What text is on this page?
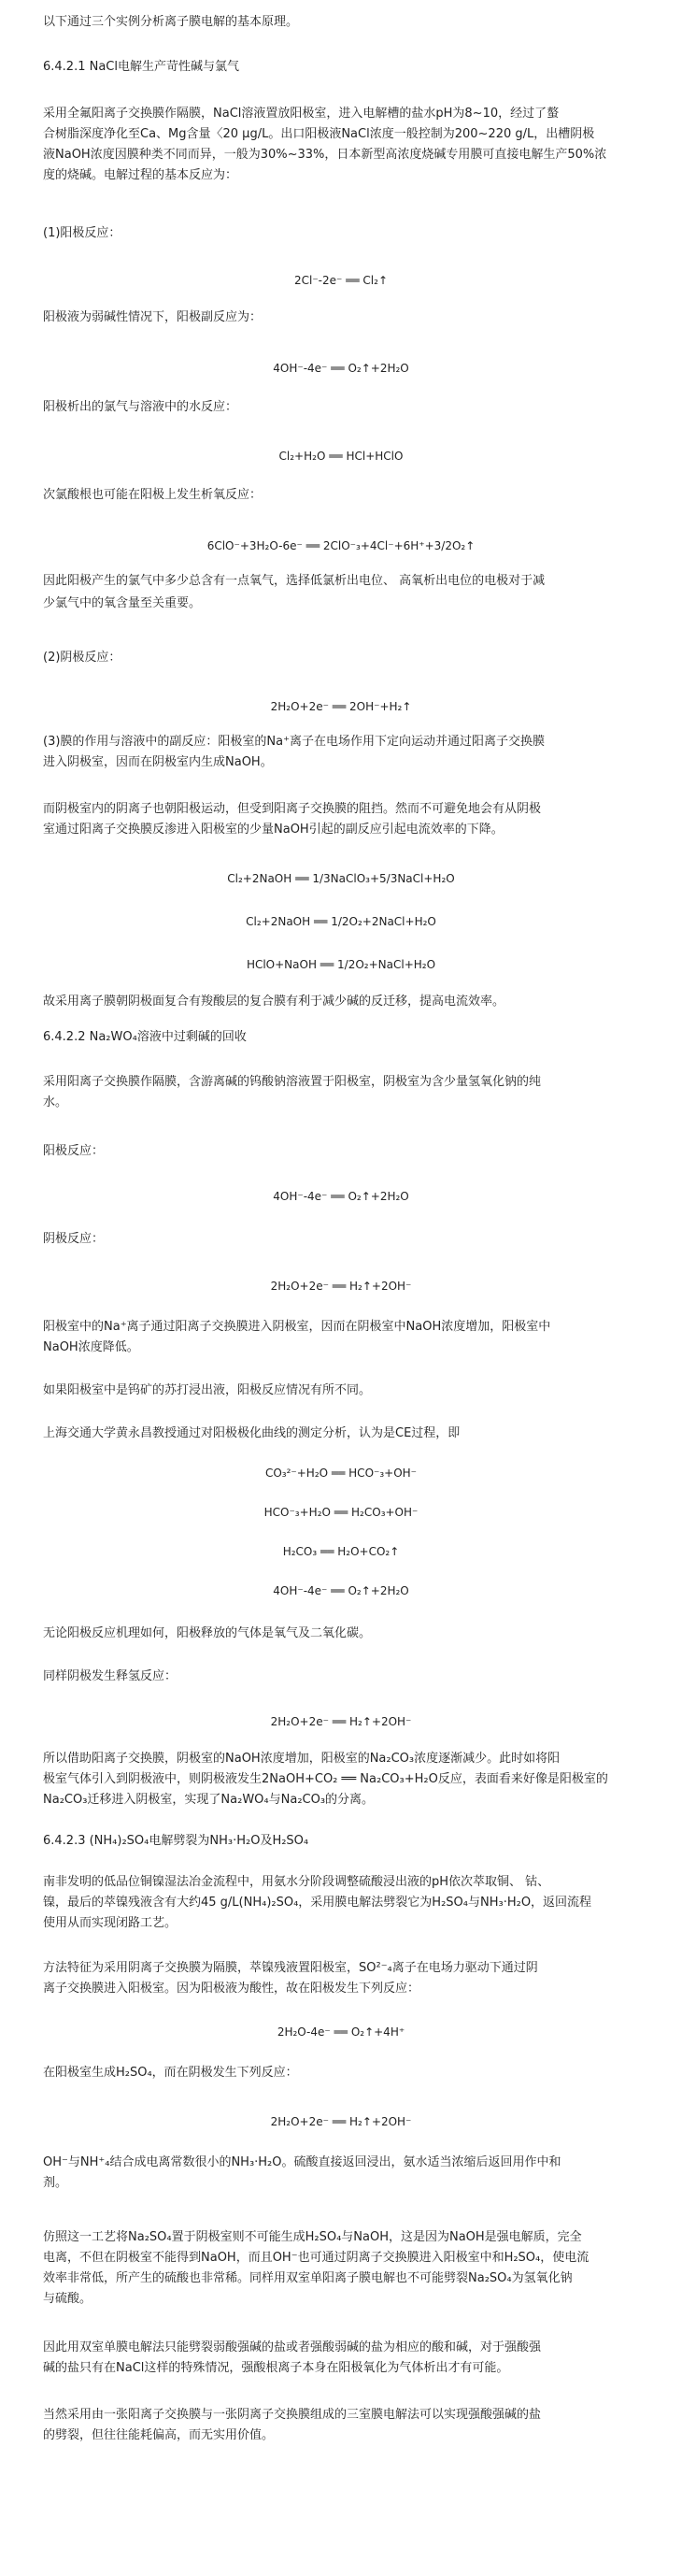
以下通过三个实例分析离子膜电解的基本原理。
6.4.2.1 NaCl电解生产苛性碱与氯气
采用全氟阳离子交换膜作隔膜，NaCl溶液置放阳极室，进入电解槽的盐水pH为8~10，经过了螯
合树脂深度净化至Ca、Mg含量〈20 μg/L。出口阳极液NaCl浓度一般控制为200~220 g/L，出槽阴极
液NaOH浓度因膜种类不同而异，一般为30%~33%，日本新型高浓度烧碱专用膜可直接电解生产50%浓
度的烧碱。电解过程的基本反应为：
(1)阳极反应：
2Cl⁻-2e⁻ ══ Cl₂↑
阳极液为弱碱性情况下，阳极副反应为：
4OH⁻-4e⁻ ══ O₂↑+2H₂O
阳极析出的氯气与溶液中的水反应：
Cl₂+H₂O ══ HCl+HClO
次氯酸根也可能在阳极上发生析氧反应：
6ClO⁻+3H₂O-6e⁻ ══ 2ClO⁻₃+4Cl⁻+6H⁺+3/2O₂↑
因此阳极产生的氯气中多少总含有一点氧气，选择低氯析出电位、 高氧析出电位的电极对于减
少氯气中的氧含量至关重要。
(2)阴极反应：
2H₂O+2e⁻ ══ 2OH⁻+H₂↑
(3)膜的作用与溶液中的副反应：阳极室的Na⁺离子在电场作用下定向运动并通过阳离子交换膜
进入阴极室，因而在阴极室内生成NaOH。
而阴极室内的阴离子也朝阳极运动，但受到阳离子交换膜的阻挡。然而不可避免地会有从阴极
室通过阳离子交换膜反渗进入阳极室的少量NaOH引起的副反应引起电流效率的下降。
Cl₂+2NaOH ══ 1/3NaClO₃+5/3NaCl+H₂O
Cl₂+2NaOH ══ 1/2O₂+2NaCl+H₂O
HClO+NaOH ══ 1/2O₂+NaCl+H₂O
故采用离子膜朝阴极面复合有羧酸层的复合膜有利于减少碱的反迁移，提高电流效率。
6.4.2.2 Na₂WO₄溶液中过剩碱的回收
采用阳离子交换膜作隔膜，含游离碱的钨酸钠溶液置于阳极室，阴极室为含少量氢氧化钠的纯
水。
阳极反应：
4OH⁻-4e⁻ ══ O₂↑+2H₂O
阴极反应：
2H₂O+2e⁻ ══ H₂↑+2OH⁻
阳极室中的Na⁺离子通过阳离子交换膜进入阴极室，因而在阴极室中NaOH浓度增加，阳极室中
NaOH浓度降低。
如果阳极室中是钨矿的苏打浸出液，阳极反应情况有所不同。
上海交通大学黄永昌教授通过对阳极极化曲线的测定分析，认为是CE过程，即
CO₃²⁻+H₂O ══ HCO⁻₃+OH⁻
HCO⁻₃+H₂O ══ H₂CO₃+OH⁻
H₂CO₃ ══ H₂O+CO₂↑
4OH⁻-4e⁻ ══ O₂↑+2H₂O
无论阳极反应机理如何，阳极释放的气体是氧气及二氧化碳。
同样阴极发生释氢反应：
2H₂O+2e⁻ ══ H₂↑+2OH⁻
所以借助阳离子交换膜，阴极室的NaOH浓度增加，阳极室的Na₂CO₃浓度逐渐减少。此时如将阳
极室气体引入到阴极液中，则阴极液发生2NaOH+CO₂ ══ Na₂CO₃+H₂O反应，表面看来好像是阳极室的
Na₂CO₃迁移进入阴极室，实现了Na₂WO₄与Na₂CO₃的分离。
6.4.2.3 (NH₄)₂SO₄电解劈裂为NH₃·H₂O及H₂SO₄
南非发明的低品位铜镍湿法冶金流程中，用氨水分阶段调整硫酸浸出液的pH依次萃取铜、 钴、
镍，最后的萃镍残液含有大约45 g/L(NH₄)₂SO₄，采用膜电解法劈裂它为H₂SO₄与NH₃·H₂O，返回流程
使用从而实现闭路工艺。
方法特征为采用阴离子交换膜为隔膜，萃镍残液置阳极室，SO²⁻₄离子在电场力驱动下通过阴
离子交换膜进入阳极室。因为阳极液为酸性，故在阳极发生下列反应：
2H₂O-4e⁻ ══ O₂↑+4H⁺
在阳极室生成H₂SO₄，而在阴极发生下列反应：
2H₂O+2e⁻ ══ H₂↑+2OH⁻
OH⁻与NH⁺₄结合成电离常数很小的NH₃·H₂O。硫酸直接返回浸出，氨水适当浓缩后返回用作中和
剂。
仿照这一工艺将Na₂SO₄置于阴极室则不可能生成H₂SO₄与NaOH，这是因为NaOH是强电解质，完全
电离，不但在阴极室不能得到NaOH，而且OH⁻也可通过阴离子交换膜进入阳极室中和H₂SO₄，使电流
效率非常低，所产生的硫酸也非常稀。同样用双室单阳离子膜电解也不可能劈裂Na₂SO₄为氢氧化钠
与硫酸。
因此用双室单膜电解法只能劈裂弱酸强碱的盐或者强酸弱碱的盐为相应的酸和碱，对于强酸强
碱的盐只有在NaCl这样的特殊情况，强酸根离子本身在阳极氧化为气体析出才有可能。
当然采用由一张阳离子交换膜与一张阴离子交换膜组成的三室膜电解法可以实现强酸强碱的盐
的劈裂，但往往能耗偏高，而无实用价值。
